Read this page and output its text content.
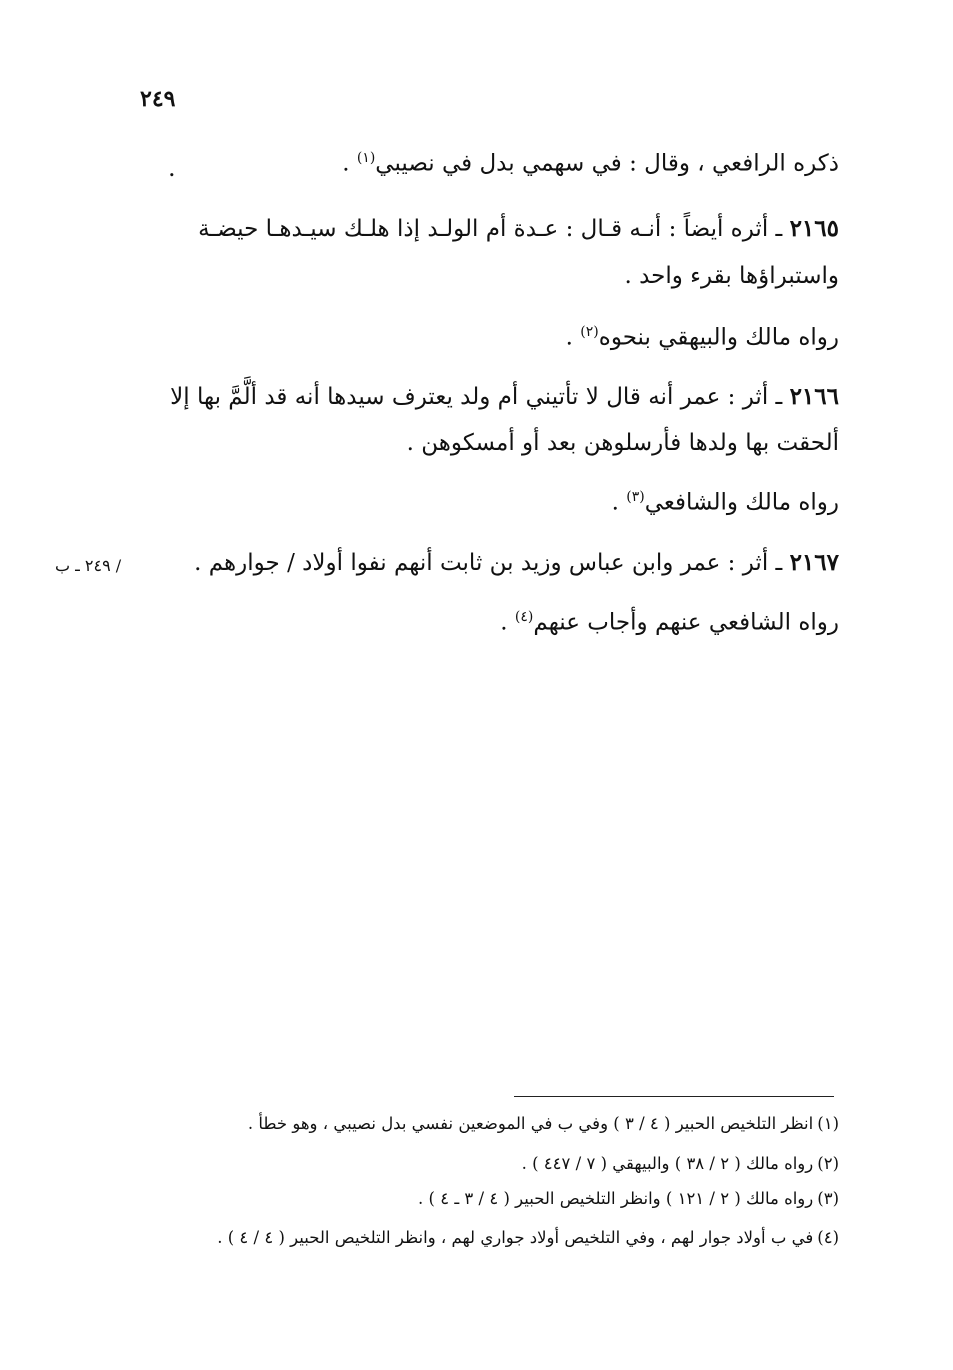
٢٤٩
.	ذكره الرافعي ، وقال : في سهمي بدل في نصيبي$^{(١)}$ .
٢١٦٥ ـ أثره أيضاً : أنـه قـال : عـدة أم الولـد إذا هلـك سيـدهـا حيضـة
واستبراؤها بقرء واحد .
رواه مالك والبيهقي بنحوه$^{(٢)}$ .
٢١٦٦ ـ أثر : عمر أنه قال لا تأتيني أم ولد يعترف سيدها أنه قد ألَّمَّ بها إلا
ألحقت بها ولدها فأرسلوهن بعد أو أمسكوهن .
رواه مالك والشافعي$^{(٣)}$ .
٢١٦٧ ـ أثر : عمر وابن عباس وزيد بن ثابت أنهم نفوا أولاد / جوارهم .
/ ٢٤٩ ـ ب
رواه الشافعي عنهم وأجاب عنهم$^{(٤)}$ .
(١)انظر التلخيص الحبير ( ٤ / ٣ ) وفي ب في الموضعين نفسي بدل نصيبي ، وهو خطأ .
(٢)رواه مالك ( ٢ / ٣٨ ) والبيهقي ( ٧ / ٤٤٧ ) .
(٣)رواه مالك ( ٢ / ١٢١ ) وانظر التلخيص الحبير ( ٤ / ٣ ـ ٤ ) .
(٤)في ب أولاد جوار لهم ، وفي التلخيص أولاد جواري لهم ، وانظر التلخيص الحبير ( ٤ / ٤ ) .
